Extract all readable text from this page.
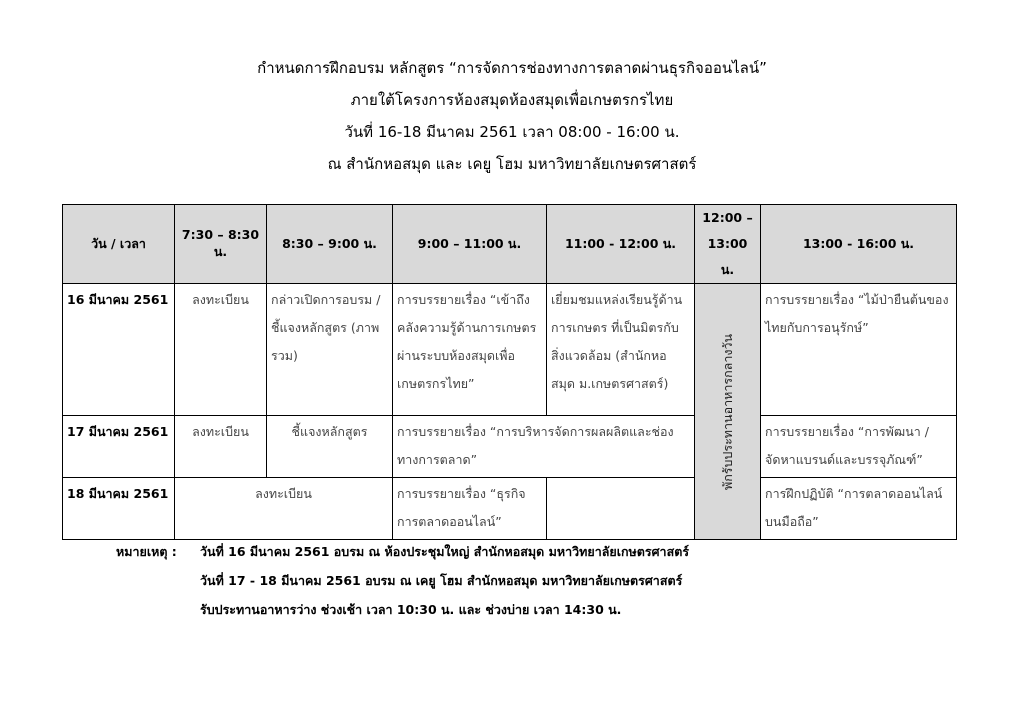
กำหนดการฝึกอบรม หลักสูตร “การจัดการช่องทางการตลาดผ่านธุรกิจออนไลน์”
ภายใต้โครงการห้องสมุดห้องสมุดเพื่อเกษตรกรไทย
วันที่ 16-18 มีนาคม 2561 เวลา 08:00 - 16:00 น.
ณ สำนักหอสมุด และ เคยู โฮม มหาวิทยาลัยเกษตรศาสตร์
วัน / เวลา	7:30 – 8:30 น.	8:30 – 9:00 น.	9:00 – 11:00 น.	11:00 - 12:00 น.	12:00 – 13:00 น.	13:00 - 16:00 น.
16 มีนาคม 2561	ลงทะเบียน	กล่าวเปิดการอบรม / ชี้แจงหลักสูตร (ภาพรวม)	การบรรยายเรื่อง “เข้าถึงคลังความรู้ด้านการเกษตรผ่านระบบห้องสมุดเพื่อเกษตรกรไทย”	เยี่ยมชมแหล่งเรียนรู้ด้านการเกษตร ที่เป็นมิตรกับสิ่งแวดล้อม (สำนักหอสมุด ม.เกษตรศาสตร์)	พักรับประทานอาหารกลางวัน	การบรรยายเรื่อง “ไม้ป่ายืนต้นของไทยกับการอนุรักษ์”
17 มีนาคม 2561	ลงทะเบียน	ชี้แจงหลักสูตร	การบรรยายเรื่อง “การบริหารจัดการผลผลิตและช่องทางการตลาด”			การบรรยายเรื่อง “การพัฒนา / จัดหาแบรนด์และบรรจุภัณฑ์”
18 มีนาคม 2561	ลงทะเบียน		การบรรยายเรื่อง “ธุรกิจการตลาดออนไลน์”			การฝึกปฏิบัติ “การตลาดออนไลน์บนมือถือ”
หมายเหตุ :	วันที่ 16 มีนาคม 2561 อบรม ณ ห้องประชุมใหญ่ สำนักหอสมุด มหาวิทยาลัยเกษตรศาสตร์
วันที่ 17 - 18 มีนาคม 2561 อบรม ณ เคยู โฮม สำนักหอสมุด มหาวิทยาลัยเกษตรศาสตร์
รับประทานอาหารว่าง ช่วงเช้า เวลา 10:30 น. และ ช่วงบ่าย เวลา 14:30 น.
